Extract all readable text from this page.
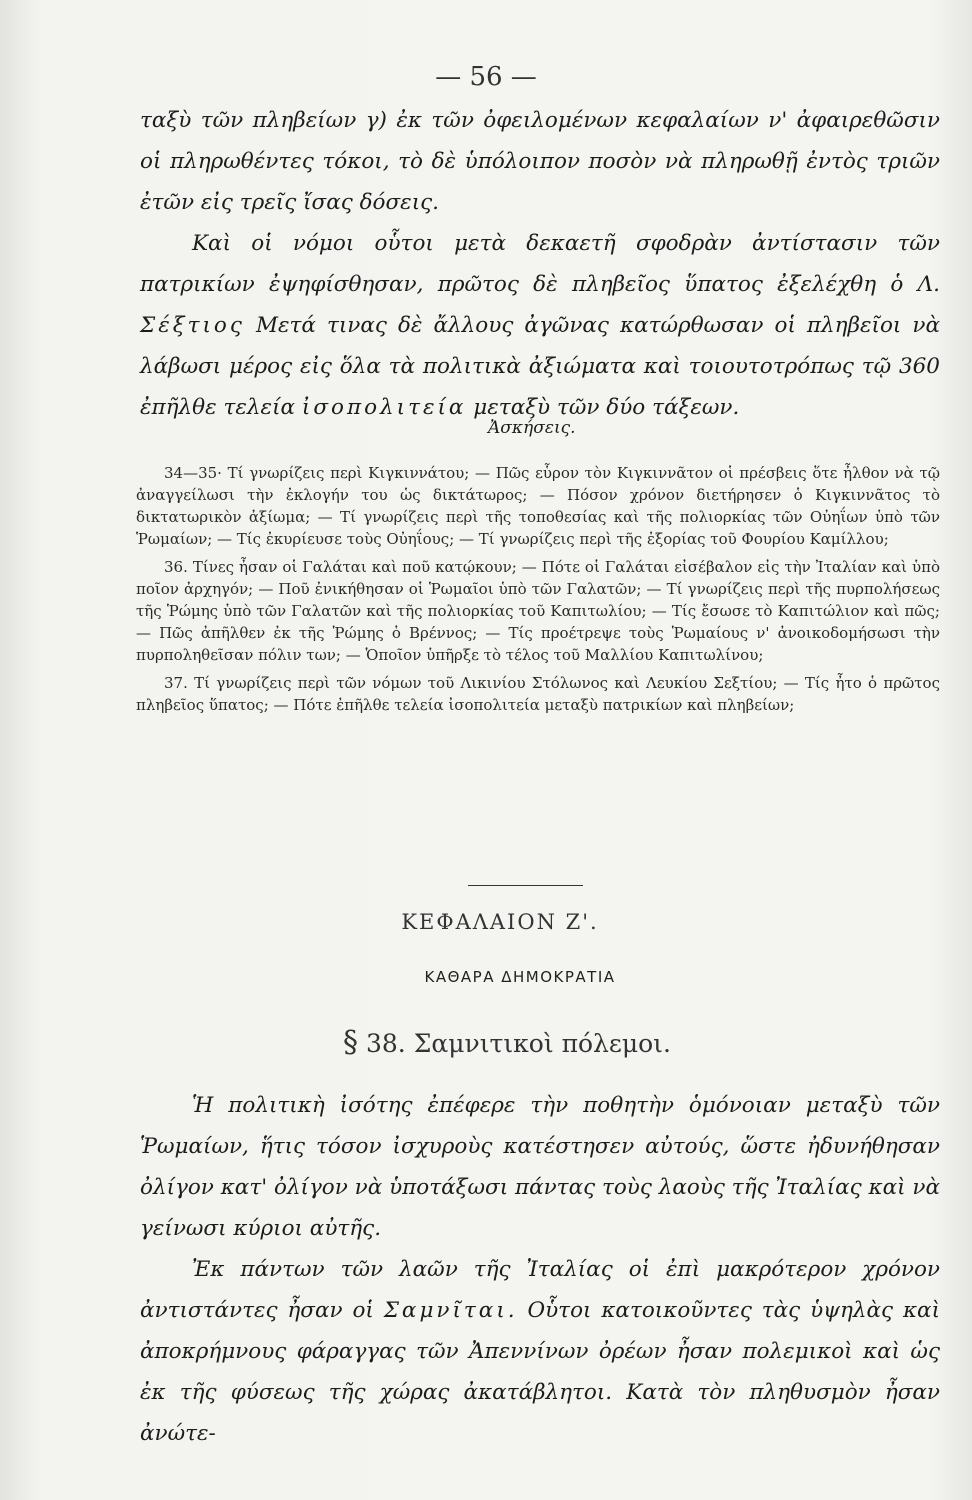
— 56 —

ταξὺ τῶν πληβείων γ) ἐκ τῶν ὀφειλομένων κεφαλαίων ν' ἀφαιρεθῶσιν οἱ πληρωθέντες τόκοι, τὸ δὲ ὑπόλοιπον ποσὸν νὰ πληρωθῇ ἐντὸς τριῶν ἐτῶν εἰς τρεῖς ἴσας δόσεις.

Καὶ οἱ νόμοι οὗτοι μετὰ δεκαετῆ σφοδρὰν ἀντίστασιν τῶν πατρικίων ἐψηφίσθησαν, πρῶτος δὲ πληβεῖος ὕπατος ἐξελέχθη ὁ Λ. Σέξτιος Μετά τινας δὲ ἄλλους ἀγῶνας κατώρθωσαν οἱ πληβεῖοι νὰ λάβωσι μέρος εἰς ὅλα τὰ πολιτικὰ ἀξιώματα καὶ τοιουτοτρόπως τῷ 360 ἐπῆλθε τελεία ἰσοπολιτεία μεταξὺ τῶν δύο τάξεων.

Ἀσκήσεις.

34—35· Τί γνωρίζεις περὶ Κιγκιννάτου; — Πῶς εὗρον τὸν Κιγκιννᾶτον οἱ πρέσβεις ὅτε ἦλθον νὰ τῷ ἀναγγείλωσι τὴν ἐκλογήν του ὡς δικτάτωρος; — Πόσον χρόνον διετήρησεν ὁ Κιγκιννᾶτος τὸ δικτατωρικὸν ἀξίωμα; — Τί γνωρίζεις περὶ τῆς τοποθεσίας καὶ τῆς πολιορκίας τῶν Οὐηΐων ὑπὸ τῶν Ῥωμαίων; — Τίς ἐκυρίευσε τοὺς Οὐηΐους; — Τί γνωρίζεις περὶ τῆς ἐξορίας τοῦ Φουρίου Καμίλλου;

36. Τίνες ἦσαν οἱ Γαλάται καὶ ποῦ κατῴκουν; — Πότε οἱ Γαλάται εἰσέβαλον εἰς τὴν Ἰταλίαν καὶ ὑπὸ ποῖον ἀρχηγόν; — Ποῦ ἐνικήθησαν οἱ Ῥωμαῖοι ὑπὸ τῶν Γαλατῶν; — Τί γνωρίζεις περὶ τῆς πυρπολήσεως τῆς Ῥώμης ὑπὸ τῶν Γαλατῶν καὶ τῆς πολιορκίας τοῦ Καπιτωλίου; — Τίς ἔσωσε τὸ Καπιτώλιον καὶ πῶς; — Πῶς ἀπῆλθεν ἐκ τῆς Ῥώμης ὁ Βρέννος; — Τίς προέτρεψε τοὺς Ῥωμαίους ν' ἀνοικοδομήσωσι τὴν πυρποληθεῖσαν πόλιν των; — Ὁποῖον ὑπῆρξε τὸ τέλος τοῦ Μαλλίου Καπιτωλίνου;

37. Τί γνωρίζεις περὶ τῶν νόμων τοῦ Λικινίου Στόλωνος καὶ Λευκίου Σεξτίου; — Τίς ἦτο ὁ πρῶτος πληβεῖος ὕπατος; — Πότε ἐπῆλθε τελεία ἰσοπολιτεία μεταξὺ πατρικίων καὶ πληβείων;

ΚΕΦΑΛΑΙΟΝ Ζ'.
ΚΑΘΑΡΑ ΔΗΜΟΚΡΑΤΙΑ
§ 38. Σαμνιτικοὶ πόλεμοι.

Ἡ πολιτικὴ ἰσότης ἐπέφερε τὴν ποθητὴν ὁμόνοιαν μεταξὺ τῶν Ῥωμαίων, ἥτις τόσον ἰσχυροὺς κατέστησεν αὐτούς, ὥστε ἠδυνήθησαν ὀλίγον κατ' ὀλίγον νὰ ὑποτάξωσι πάντας τοὺς λαοὺς τῆς Ἰταλίας καὶ νὰ γείνωσι κύριοι αὐτῆς.

Ἐκ πάντων τῶν λαῶν τῆς Ἰταλίας οἱ ἐπὶ μακρότερον χρόνον ἀντιστάντες ἦσαν οἱ Σαμνῖται. Οὗτοι κατοικοῦντες τὰς ὑψηλὰς καὶ ἀποκρήμνους φάραγγας τῶν Ἀπεννίνων ὀρέων ἦσαν πολεμικοὶ καὶ ὡς ἐκ τῆς φύσεως τῆς χώρας ἀκατάβλητοι. Κατὰ τὸν πληθυσμὸν ἦσαν ἀνώτε-
